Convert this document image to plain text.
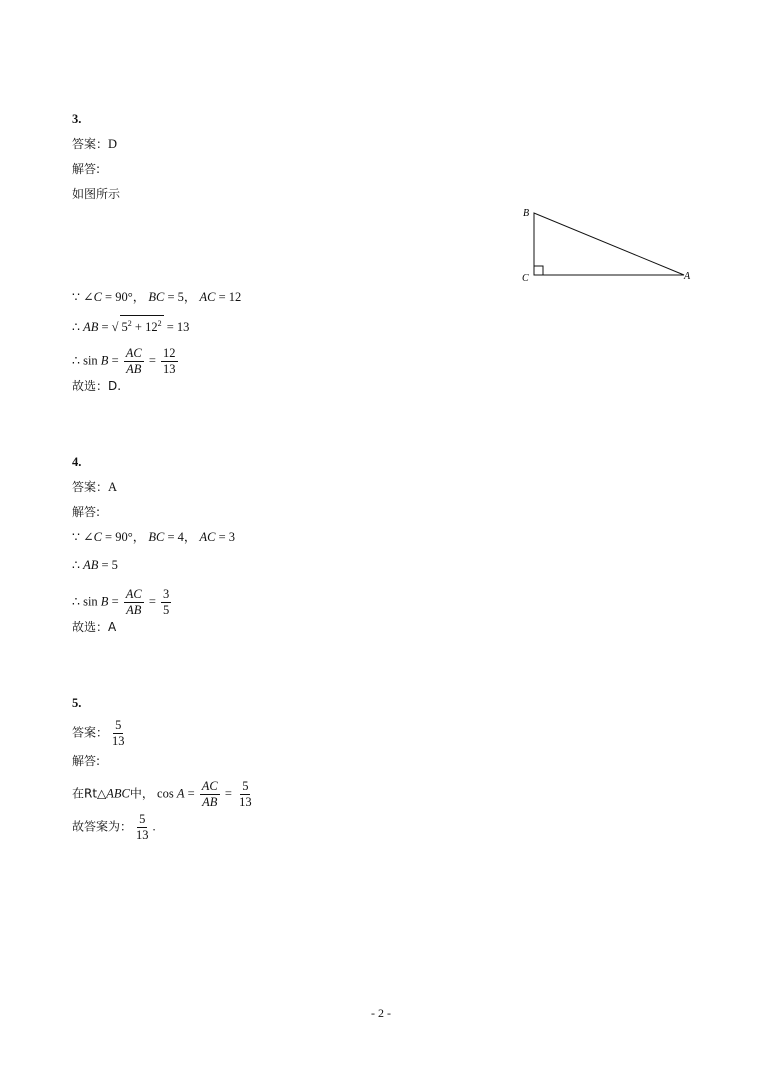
3.
答案：D
解答:
如图所示
B
C	A
∵ ∠C = 90°， BC = 5， AC = 12
∴ AB = √ $5^2 + 12^2 = 13$
∴ $\sin B = \frac{AC}{AB} = \frac{12}{13}$
故选：D.
4.
答案：A
解答:
∵ ∠C = 90°， BC = 4， AC = 3
∴ AB = 5
∴ $\sin B = \frac{AC}{AB} = \frac{3}{5}$
故选：A
5.
答案： $\frac{5}{13}$
解答:
在Rt△ABC中， $\cos A = \frac{AC}{AB} = \frac{5}{13}$
故答案为： $\frac{5}{13}$ .
- 2 -
